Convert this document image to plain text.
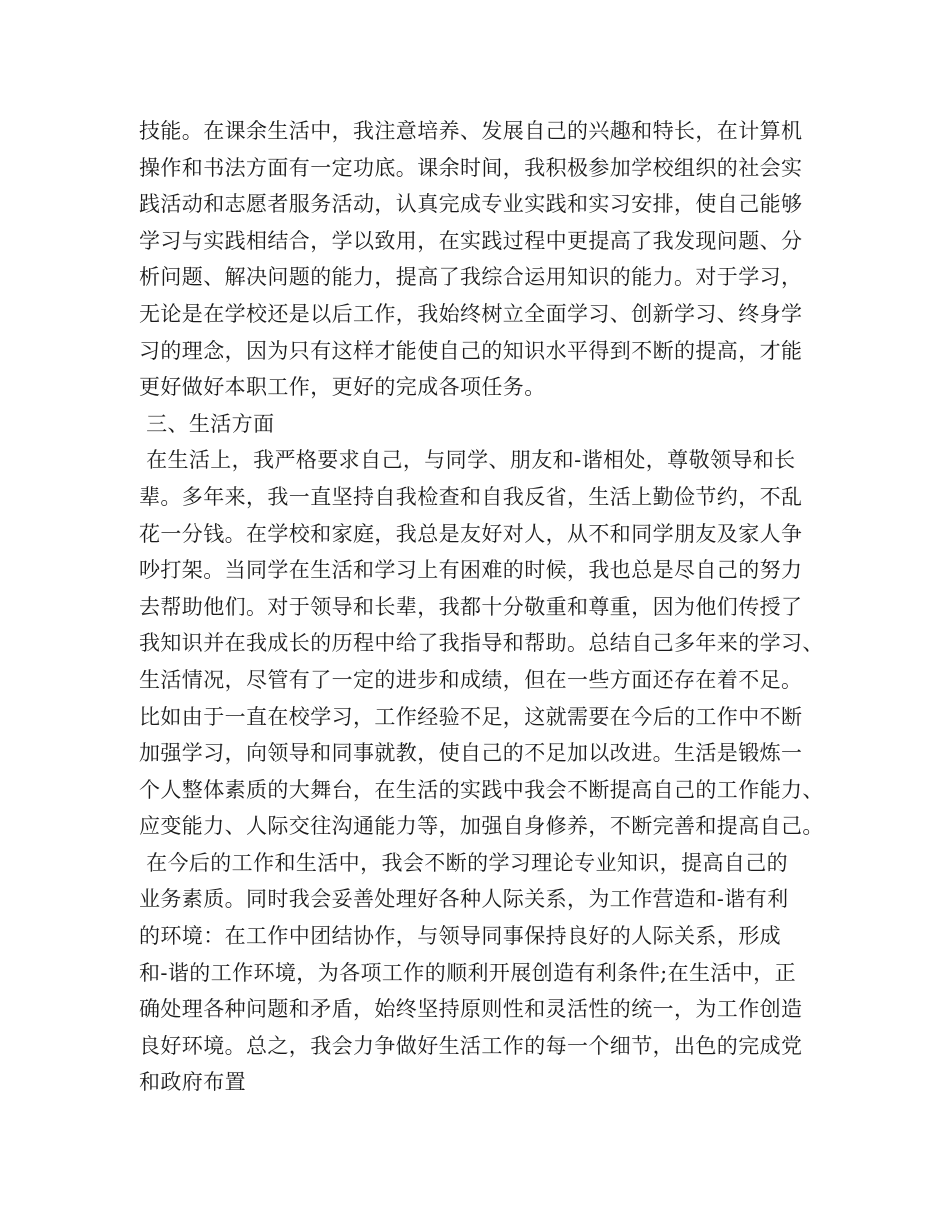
技能。在课余生活中，我注意培养、发展自己的兴趣和特长，在计算机
操作和书法方面有一定功底。课余时间，我积极参加学校组织的社会实
践活动和志愿者服务活动，认真完成专业实践和实习安排，使自己能够
学习与实践相结合，学以致用，在实践过程中更提高了我发现问题、分
析问题、解决问题的能力，提高了我综合运用知识的能力。对于学习，
无论是在学校还是以后工作，我始终树立全面学习、创新学习、终身学
习的理念，因为只有这样才能使自己的知识水平得到不断的提高，才能
更好做好本职工作，更好的完成各项任务。
三、生活方面
在生活上，我严格要求自己，与同学、朋友和-谐相处，尊敬领导和长
辈。多年来，我一直坚持自我检查和自我反省，生活上勤俭节约，不乱
花一分钱。在学校和家庭，我总是友好对人，从不和同学朋友及家人争
吵打架。当同学在生活和学习上有困难的时候，我也总是尽自己的努力
去帮助他们。对于领导和长辈，我都十分敬重和尊重，因为他们传授了
我知识并在我成长的历程中给了我指导和帮助。总结自己多年来的学习、
生活情况，尽管有了一定的进步和成绩，但在一些方面还存在着不足。
比如由于一直在校学习，工作经验不足，这就需要在今后的工作中不断
加强学习，向领导和同事就教，使自己的不足加以改进。生活是锻炼一
个人整体素质的大舞台，在生活的实践中我会不断提高自己的工作能力、
应变能力、人际交往沟通能力等，加强自身修养，不断完善和提高自己。
在今后的工作和生活中，我会不断的学习理论专业知识，提高自己的
业务素质。同时我会妥善处理好各种人际关系，为工作营造和-谐有利
的环境：在工作中团结协作，与领导同事保持良好的人际关系，形成
和-谐的工作环境，为各项工作的顺利开展创造有利条件;在生活中，正
确处理各种问题和矛盾，始终坚持原则性和灵活性的统一，为工作创造
良好环境。总之，我会力争做好生活工作的每一个细节，出色的完成党
和政府布置
